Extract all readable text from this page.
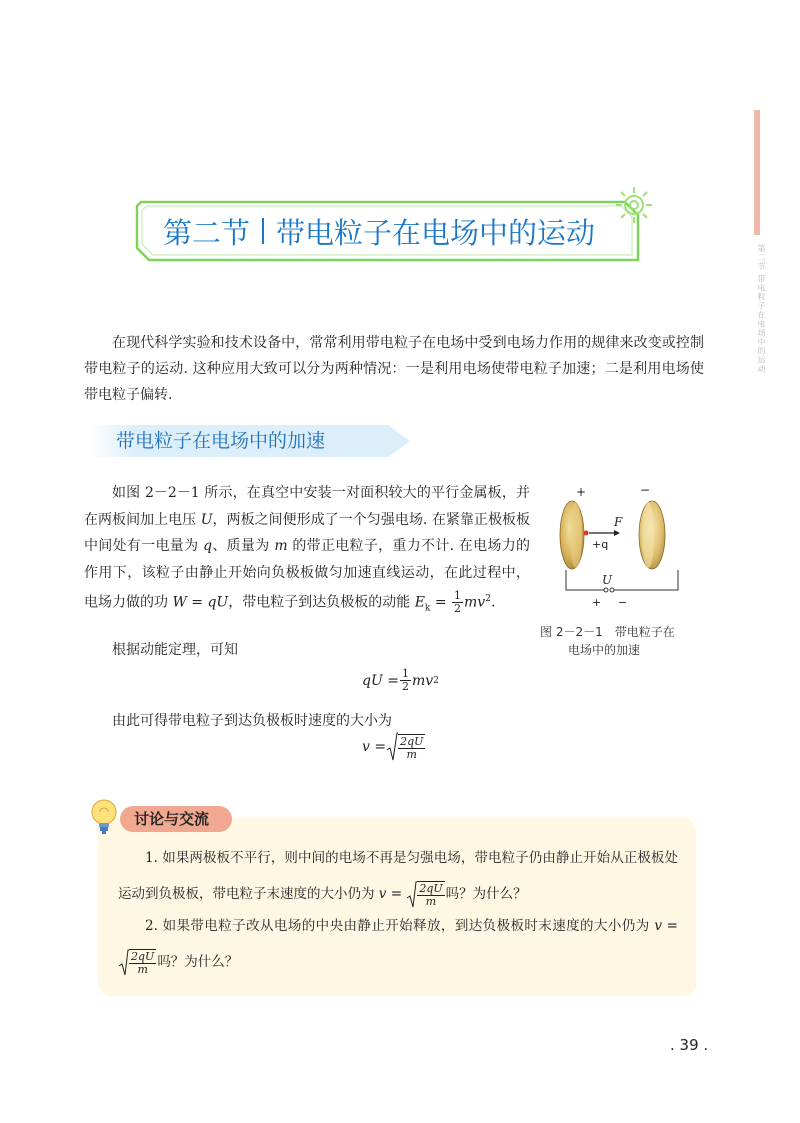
第二节 带电粒子在电场中的运动
第二节 带电粒子在电场中的运动
在现代科学实验和技术设备中，常常利用带电粒子在电场中受到电场力作用的规律来改变或控制带电粒子的运动. 这种应用大致可以分为两种情况：一是利用电场使带电粒子加速；二是利用电场使带电粒子偏转.
带电粒子在电场中的加速
如图 2－2－1 所示，在真空中安装一对面积较大的平行金属板，并在两板间加上电压 U，两板之间便形成了一个匀强电场. 在紧靠正极板板中间处有一电量为 q、质量为 m 的带正电粒子，重力不计. 在电场力的作用下，该粒子由静止开始向负极板做匀加速直线运动，在此过程中，电场力做的功 W = qU，带电粒子到达负极板的动能 $E_k = \frac{1}{2} mv^2$.
根据动能定理，可知
qU = $\frac{1}{2}$ mv 2
由此可得带电粒子到达负极板时速度的大小为
$v = \frac{2qU}{m}$
+	−
F
+q
U
+ −
图 2－2－1　带电粒子在
电场中的加速
讨论与交流
1. 如果两极板不平行，则中间的电场不再是匀强电场，带电粒子仍由静止开始从正极板处运动到负极板，带电粒子末速度的大小仍为 $v = \frac{2qU}{m}$ 吗？为什么？
2. 如果带电粒子改从电场的中央由静止开始释放，到达负极板时末速度的大小仍为 v =
$\frac{2qU}{m}$ 吗？为什么？
. 39 .
